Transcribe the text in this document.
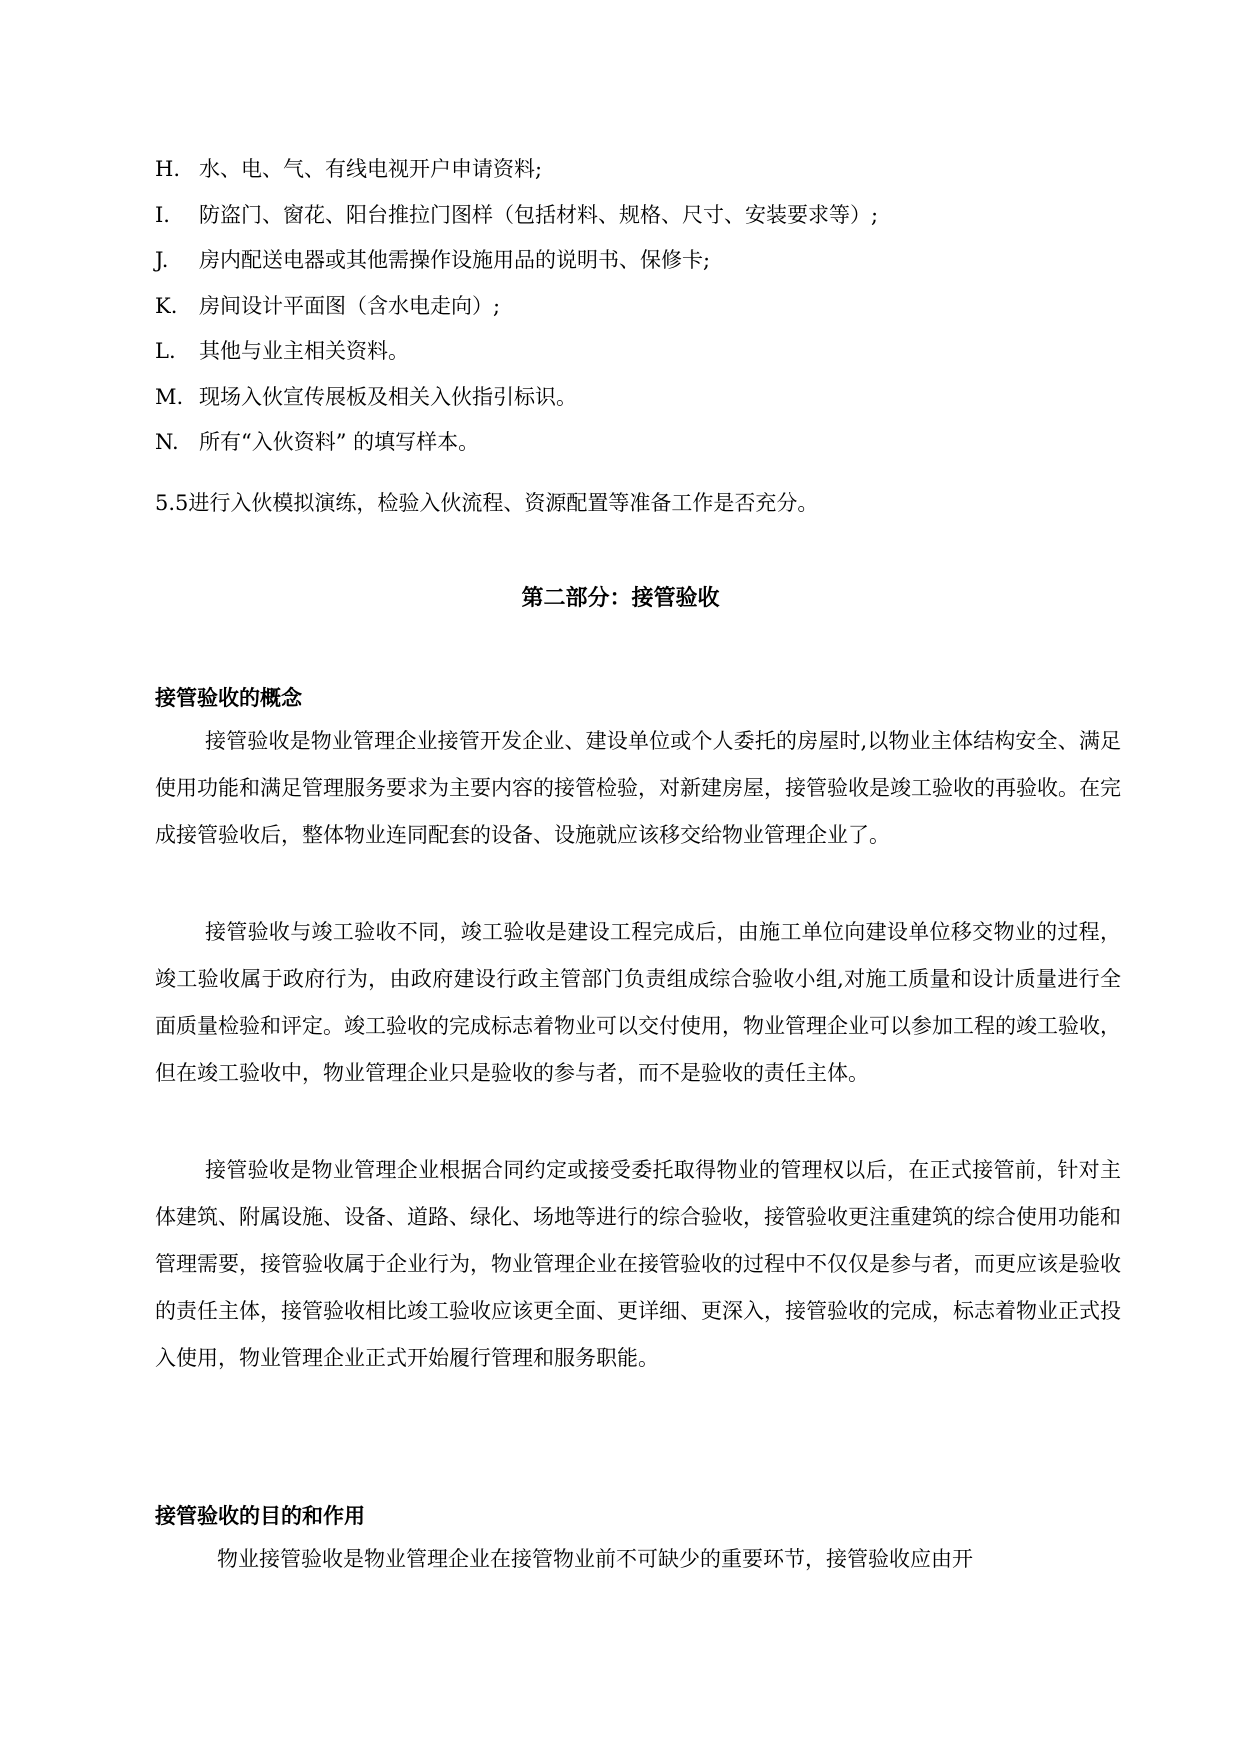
H. 水、电、气、有线电视开户申请资料;
I. 防盗门、窗花、阳台推拉门图样（包括材料、规格、尺寸、安装要求等）;
J. 房内配送电器或其他需操作设施用品的说明书、保修卡;
K. 房间设计平面图（含水电走向）;
L. 其他与业主相关资料。
M. 现场入伙宣传展板及相关入伙指引标识。
N. 所有“入伙资料” 的填写样本。
5.5进行入伙模拟演练，检验入伙流程、资源配置等准备工作是否充分。
第二部分：接管验收
接管验收的概念

接管验收是物业管理企业接管开发企业、建设单位或个人委托的房屋时,以物业主体结构安全、满足使用功能和满足管理服务要求为主要内容的接管检验，对新建房屋，接管验收是竣工验收的再验收。在完成接管验收后，整体物业连同配套的设备、设施就应该移交给物业管理企业了。

接管验收与竣工验收不同，竣工验收是建设工程完成后，由施工单位向建设单位移交物业的过程，竣工验收属于政府行为，由政府建设行政主管部门负责组成综合验收小组,对施工质量和设计质量进行全面质量检验和评定。竣工验收的完成标志着物业可以交付使用，物业管理企业可以参加工程的竣工验收，但在竣工验收中，物业管理企业只是验收的参与者，而不是验收的责任主体。

接管验收是物业管理企业根据合同约定或接受委托取得物业的管理权以后，在正式接管前，针对主体建筑、附属设施、设备、道路、绿化、场地等进行的综合验收，接管验收更注重建筑的综合使用功能和管理需要，接管验收属于企业行为，物业管理企业在接管验收的过程中不仅仅是参与者，而更应该是验收的责任主体，接管验收相比竣工验收应该更全面、更详细、更深入，接管验收的完成，标志着物业正式投入使用，物业管理企业正式开始履行管理和服务职能。

接管验收的目的和作用

物业接管验收是物业管理企业在接管物业前不可缺少的重要环节，接管验收应由开
